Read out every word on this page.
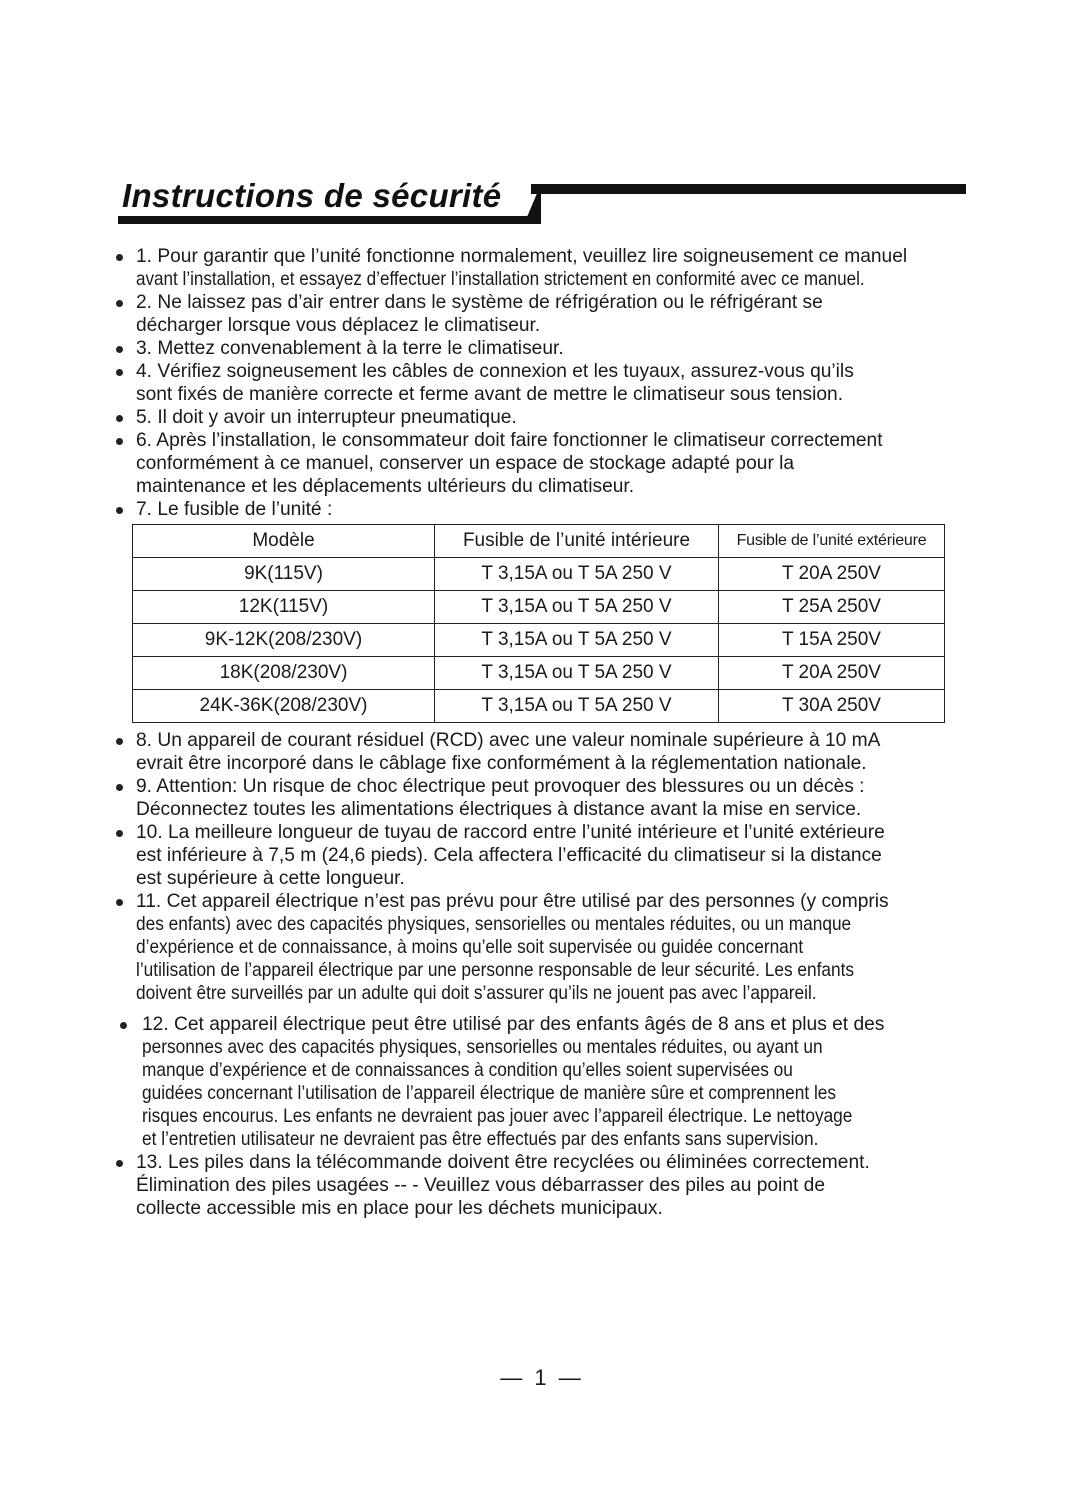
Instructions de sécurité
1. Pour garantir que l’unité fonctionne normalement, veuillez lire soigneusement ce manuel
avant l’installation, et essayez d’effectuer l’installation strictement en conformité avec ce manuel.
2. Ne laissez pas d’air entrer dans le système de réfrigération ou le réfrigérant se
décharger lorsque vous déplacez le climatiseur.
3. Mettez convenablement à la terre le climatiseur.
4. Vérifiez soigneusement les câbles de connexion et les tuyaux, assurez-vous qu’ils
sont fixés de manière correcte et ferme avant de mettre le climatiseur sous tension.
5. Il doit y avoir un interrupteur pneumatique.
6. Après l’installation, le consommateur doit faire fonctionner le climatiseur correctement
conformément à ce manuel, conserver un espace de stockage adapté pour la
maintenance et les déplacements ultérieurs du climatiseur.
7. Le fusible de l’unité :
Modèle	Fusible de l’unité intérieure	Fusible de l’unité extérieure
9K(115V)	T 3,15A ou T 5A 250 V	T 20A 250V
12K(115V)	T 3,15A ou T 5A 250 V	T 25A 250V
9K-12K(208/230V)	T 3,15A ou T 5A 250 V	T 15A 250V
18K(208/230V)	T 3,15A ou T 5A 250 V	T 20A 250V
24K-36K(208/230V)	T 3,15A ou T 5A 250 V	T 30A 250V
8. Un appareil de courant résiduel (RCD) avec une valeur nominale supérieure à 10 mA
evrait être incorporé dans le câblage fixe conformément à la réglementation nationale.
9. Attention: Un risque de choc électrique peut provoquer des blessures ou un décès :
Déconnectez toutes les alimentations électriques à distance avant la mise en service.
10. La meilleure longueur de tuyau de raccord entre l’unité intérieure et l’unité extérieure
est inférieure à 7,5 m (24,6 pieds). Cela affectera l’efficacité du climatiseur si la distance
est supérieure à cette longueur.
11. Cet appareil électrique n’est pas prévu pour être utilisé par des personnes (y compris
des enfants) avec des capacités physiques, sensorielles ou mentales réduites, ou un manque
d’expérience et de connaissance, à moins qu’elle soit supervisée ou guidée concernant
l’utilisation de l’appareil électrique par une personne responsable de leur sécurité. Les enfants
doivent être surveillés par un adulte qui doit s’assurer qu’ils ne jouent pas avec l’appareil.
12. Cet appareil électrique peut être utilisé par des enfants âgés de 8 ans et plus et des
personnes avec des capacités physiques, sensorielles ou mentales réduites, ou ayant un
manque d’expérience et de connaissances à condition qu’elles soient supervisées ou
guidées concernant l’utilisation de l’appareil électrique de manière sûre et comprennent les
risques encourus. Les enfants ne devraient pas jouer avec l’appareil électrique. Le nettoyage
et l’entretien utilisateur ne devraient pas être effectués par des enfants sans supervision.
13. Les piles dans la télécommande doivent être recyclées ou éliminées correctement.
Élimination des piles usagées -- - Veuillez vous débarrasser des piles au point de
collecte accessible mis en place pour les déchets municipaux.
— 1 —
